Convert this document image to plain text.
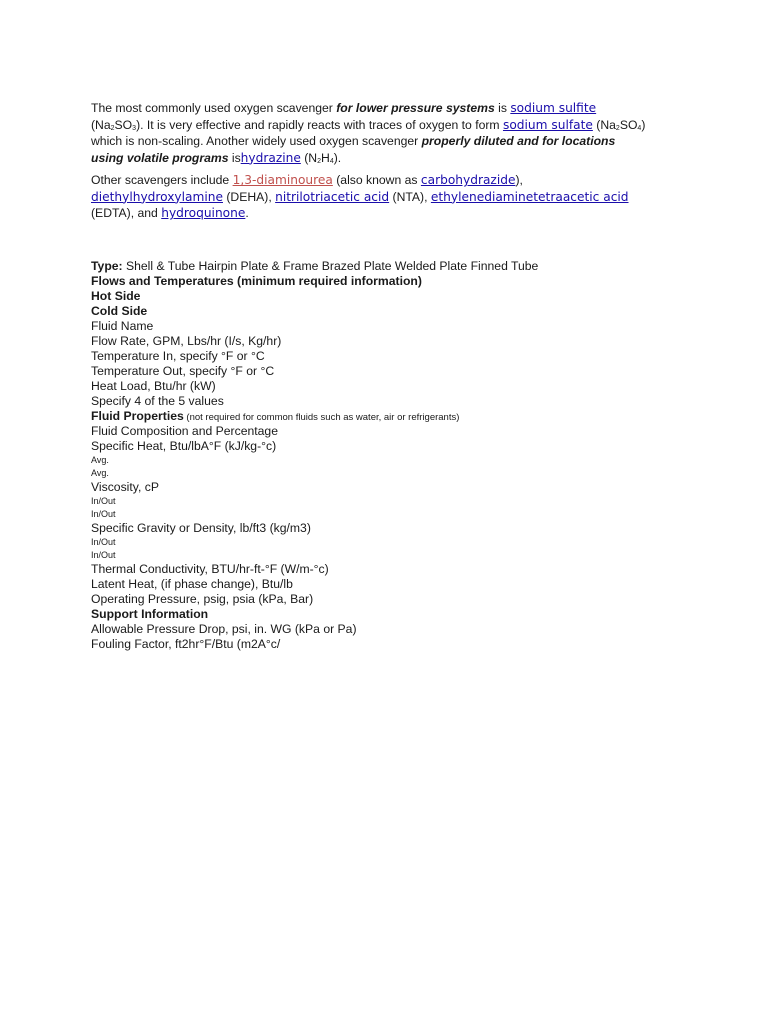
The most commonly used oxygen scavenger for lower pressure systems is sodium sulfite $(Na_2SO_3)$. It is very effective and rapidly reacts with traces of oxygen to form sodium sulfate $(Na_2SO_4)$ which is non-scaling. Another widely used oxygen scavenger properly diluted and for locations using volatile programs ishydrazine $(N_2H_4)$.
Other scavengers include 1,3-diaminourea (also known as carbohydrazide), diethylhydroxylamine (DEHA), nitrilotriacetic acid (NTA), ethylenediaminetetraacetic acid (EDTA), and hydroquinone.
Type: Shell & Tube Hairpin Plate & Frame Brazed Plate Welded Plate Finned Tube
Flows and Temperatures (minimum required information)
Hot Side
Cold Side
Fluid Name
Flow Rate, GPM, Lbs/hr (I/s, Kg/hr)
Temperature In, specify °F or °C
Temperature Out, specify °F or °C
Heat Load, Btu/hr (kW)
Specify 4 of the 5 values
Fluid Properties (not required for common fluids such as water, air or refrigerants)
Fluid Composition and Percentage
Specific Heat, Btu/lbA°F (kJ/kg-°c)
Avg.
Avg.
Viscosity, cP
In/Out
In/Out
Specific Gravity or Density, lb/ft3 (kg/m3)
In/Out
In/Out
Thermal Conductivity, BTU/hr-ft-°F (W/m-°c)
Latent Heat, (if phase change), Btu/lb
Operating Pressure, psig, psia (kPa, Bar)
Support Information
Allowable Pressure Drop, psi, in. WG (kPa or Pa)
Fouling Factor, ft2hr°F/Btu (m2A°c/
